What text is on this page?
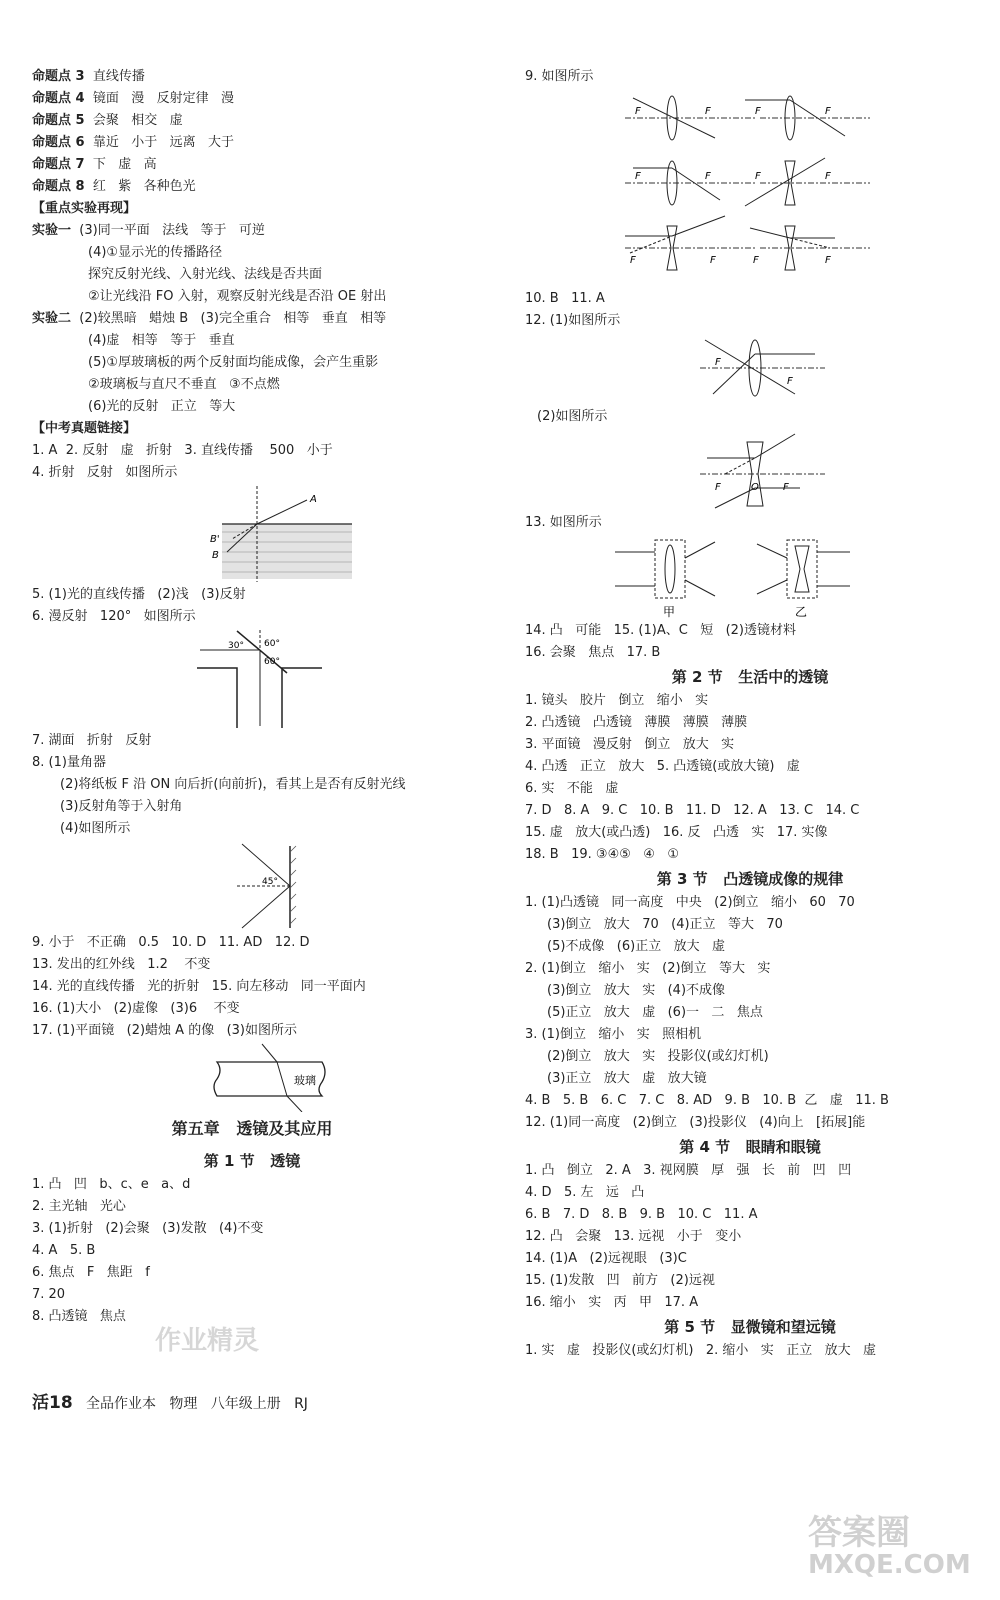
命题点 3  直线传播
命题点 4  镜面   漫   反射定律   漫
命题点 5  会聚   相交   虚
命题点 6  靠近   小于   远离   大于
命题点 7  下   虚   高
命题点 8  红   紫   各种色光
【重点实验再现】
实验一 (3)同一平面   法线   等于   可逆
(4)①显示光的传播路径
探究反射光线、入射光线、法线是否共面
②让光线沿 FO 入射，观察反射光线是否沿 OE 射出
实验二 (2)较黑暗   蜡烛 B   (3)完全重合   相等   垂直   相等
(4)虚   相等   等于   垂直
(5)①厚玻璃板的两个反射面均能成像，会产生重影
②玻璃板与直尺不垂直   ③不点燃
(6)光的反射   正立   等大
【中考真题链接】
1. A  2. 反射   虚   折射   3. 直线传播    500   小于
4. 折射   反射   如图所示
A
B'
B
5. (1)光的直线传播   (2)浅   (3)反射
6. 漫反射   120°   如图所示
30° 60°
60°
7. 湖面   折射   反射
8. (1)量角器
(2)将纸板 F 沿 ON 向后折(向前折)，看其上是否有反射光线
(3)反射角等于入射角
(4)如图所示
45°
9. 小于   不正确   0.5   10. D   11. AD   12. D
13. 发出的红外线   1.2    不变
14. 光的直线传播   光的折射   15. 向左移动   同一平面内
16. (1)大小   (2)虚像   (3)6    不变
17. (1)平面镜   (2)蜡烛 A 的像   (3)如图所示
玻璃
第五章   透镜及其应用
第 1 节   透镜
1. 凸   凹   b、c、e   a、d
2. 主光轴   光心
3. (1)折射   (2)会聚   (3)发散   (4)不变
4. A   5. B
6. 焦点   F   焦距   f
7. 20
8. 凸透镜   焦点
9. 如图所示
F	F	F	F
F	F	F	F
F	F	F	F
10. B   11. A
12. (1)如图所示
F
F
(2)如图所示
F	O F
13. 如图所示
甲	乙
14. 凸   可能   15. (1)A、C   短   (2)透镜材料
16. 会聚   焦点   17. B
第 2 节   生活中的透镜
1. 镜头   胶片   倒立   缩小   实
2. 凸透镜   凸透镜   薄膜   薄膜   薄膜
3. 平面镜   漫反射   倒立   放大   实
4. 凸透   正立   放大   5. 凸透镜(或放大镜)   虚
6. 实   不能   虚
7. D   8. A   9. C   10. B   11. D   12. A   13. C   14. C
15. 虚   放大(或凸透)   16. 反   凸透   实   17. 实像
18. B   19. ③④⑤   ④   ①
第 3 节   凸透镜成像的规律
1. (1)凸透镜   同一高度   中央   (2)倒立   缩小   60   70
(3)倒立   放大   70   (4)正立   等大   70
(5)不成像   (6)正立   放大   虚
2. (1)倒立   缩小   实   (2)倒立   等大   实
(3)倒立   放大   实   (4)不成像
(5)正立   放大   虚   (6)一   二   焦点
3. (1)倒立   缩小   实   照相机
(2)倒立   放大   实   投影仪(或幻灯机)
(3)正立   放大   虚   放大镜
4. B   5. B   6. C   7. C   8. AD   9. B   10. B  乙   虚   11. B
12. (1)同一高度   (2)倒立   (3)投影仪   (4)向上   [拓展]能
第 4 节   眼睛和眼镜
1. 凸   倒立   2. A   3. 视网膜   厚   强   长   前   凹   凹
4. D   5. 左   远   凸
6. B   7. D   8. B   9. B   10. C   11. A
12. 凸   会聚   13. 远视   小于   变小
14. (1)A   (2)远视眼   (3)C
15. (1)发散   凹   前方   (2)远视
16. 缩小   实   丙   甲   17. A
第 5 节   显微镜和望远镜
1. 实   虚   投影仪(或幻灯机)   2. 缩小   实   正立   放大   虚
活18   全品作业本   物理   八年级上册   RJ
作业精灵
答案圈
MXQE.COM
